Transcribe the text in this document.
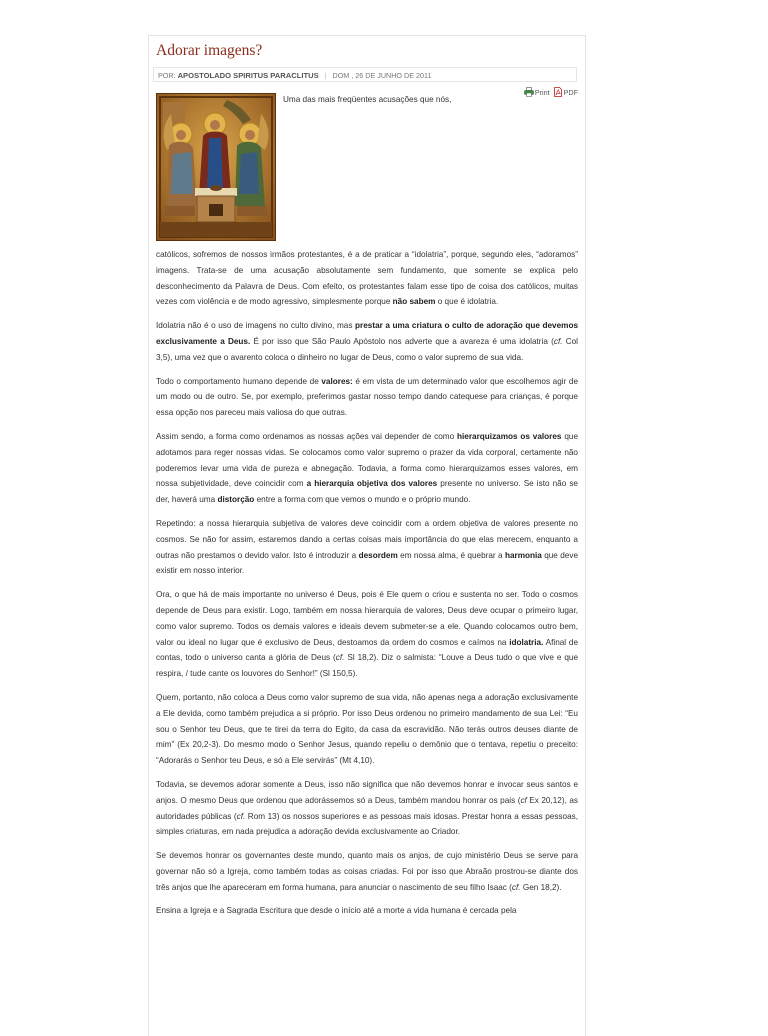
Adorar imagens?
POR: APOSTOLADO SPIRITUS PARACLITUS | DOM , 26 DE JUNHO DE 2011
Print PDF
Uma das mais freqüentes acusações que nós,

católicos, sofremos de nossos irmãos protestantes, é a de praticar a “idolatria”, porque, segundo eles, “adoramos” imagens. Trata-se de uma acusação absolutamente sem fundamento, que somente se explica pelo desconhecimento da Palavra de Deus. Com efeito, os protestantes falam esse tipo de coisa dos católicos, muitas vezes com violência e de modo agressivo, simplesmente porque não sabem o que é idolatria.

Idolatria não é o uso de imagens no culto divino, mas prestar a uma criatura o culto de adoração que devemos exclusivamente a Deus. É por isso que São Paulo Apóstolo nos adverte que a avareza é uma idolatria (cf. Col 3,5), uma vez que o avarento coloca o dinheiro no lugar de Deus, como o valor supremo de sua vida.

Todo o comportamento humano depende de valores: é em vista de um determinado valor que escolhemos agir de um modo ou de outro. Se, por exemplo, preferimos gastar nosso tempo dando catequese para crianças, é porque essa opção nos pareceu mais valiosa do que outras.

Assim sendo, a forma como ordenamos as nossas ações vai depender de como hierarquizamos os valores que adotamos para reger nossas vidas. Se colocamos como valor supremo o prazer da vida corporal, certamente não poderemos levar uma vida de pureza e abnegação. Todavia, a forma como hierarquizamos esses valores, em nossa subjetividade, deve coincidir com a hierarquia objetiva dos valores presente no universo. Se isto não se der, haverá uma distorção entre a forma com que vemos o mundo e o próprio mundo.

Repetindo: a nossa hierarquia subjetiva de valores deve coincidir com a ordem objetiva de valores presente no cosmos. Se não for assim, estaremos dando a certas coisas mais importância do que elas merecem, enquanto a outras não prestamos o devido valor. Isto é introduzir a desordem em nossa alma, é quebrar a harmonia que deve existir em nosso interior.

Ora, o que há de mais importante no universo é Deus, pois é Ele quem o criou e sustenta no ser. Todo o cosmos depende de Deus para existir. Logo, também em nossa hierarquia de valores, Deus deve ocupar o primeiro lugar, como valor supremo. Todos os demais valores e ideais devem submeter-se a ele. Quando colocamos outro bem, valor ou ideal no lugar que é exclusivo de Deus, destoamos da ordem do cosmos e caímos na idolatria. Afinal de contas, todo o universo canta a glória de Deus (cf. Sl 18,2). Diz o salmista: “Louve a Deus tudo o que vive e que respira, / tude cante os louvores do Senhor!” (Sl 150,5).

Quem, portanto, não coloca a Deus como valor supremo de sua vida, não apenas nega a adoração exclusivamente a Ele devida, como também prejudica a si próprio. Por isso Deus ordenou no primeiro mandamento de sua Lei: “Eu sou o Senhor teu Deus, que te tirei da terra do Egito, da casa da escravidão. Não terás outros deuses diante de mim” (Ex 20,2-3). Do mesmo modo o Senhor Jesus, quando repeliu o demônio que o tentava, repetiu o preceito: “Adorarás o Senhor teu Deus, e só a Ele servirás” (Mt 4,10).

Todavia, se devemos adorar somente a Deus, isso não significa que não devemos honrar e invocar seus santos e anjos. O mesmo Deus que ordenou que adorássemos só a Deus, também mandou honrar os pais (cf Ex 20,12), as autoridades públicas (cf. Rom 13) os nossos superiores e as pessoas mais idosas. Prestar honra a essas pessoas, simples criaturas, em nada prejudica a adoração devida exclusivamente ao Criador.

Se devemos honrar os governantes deste mundo, quanto mais os anjos, de cujo ministério Deus se serve para governar não só a Igreja, como também todas as coisas criadas. Foi por isso que Abraão prostrou-se diante dos três anjos que lhe apareceram em forma humana, para anunciar o nascimento de seu filho Isaac (cf. Gen 18,2).

Ensina a Igreja e a Sagrada Escritura que desde o início até a morte a vida humana é cercada pela
